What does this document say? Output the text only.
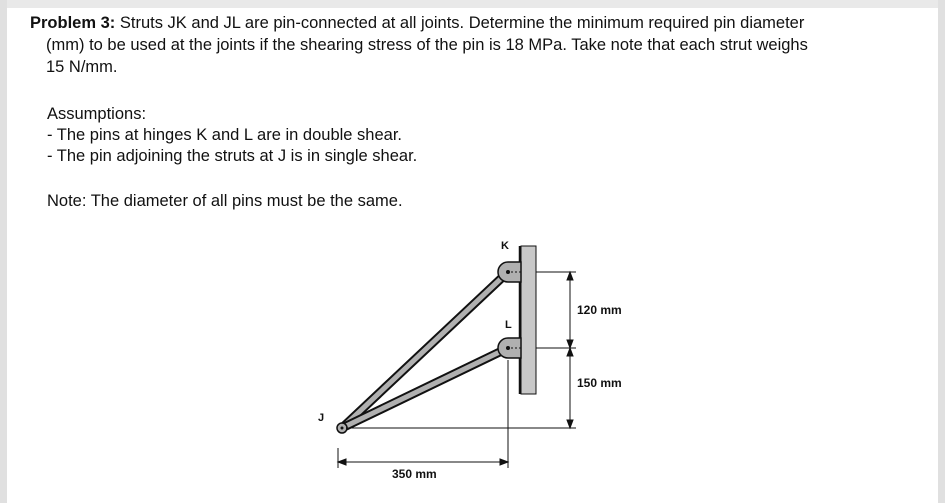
Problem 3: Struts JK and JL are pin-connected at all joints. Determine the minimum required pin diameter
(mm) to be used at the joints if the shearing stress of the pin is 18 MPa. Take note that each strut weighs
15 N/mm.
Assumptions:
- The pins at hinges K and L are in double shear.
- The pin adjoining the struts at J is in single shear.
Note: The diameter of all pins must be the same.
K
L
J
120 mm
150 mm
350 mm
